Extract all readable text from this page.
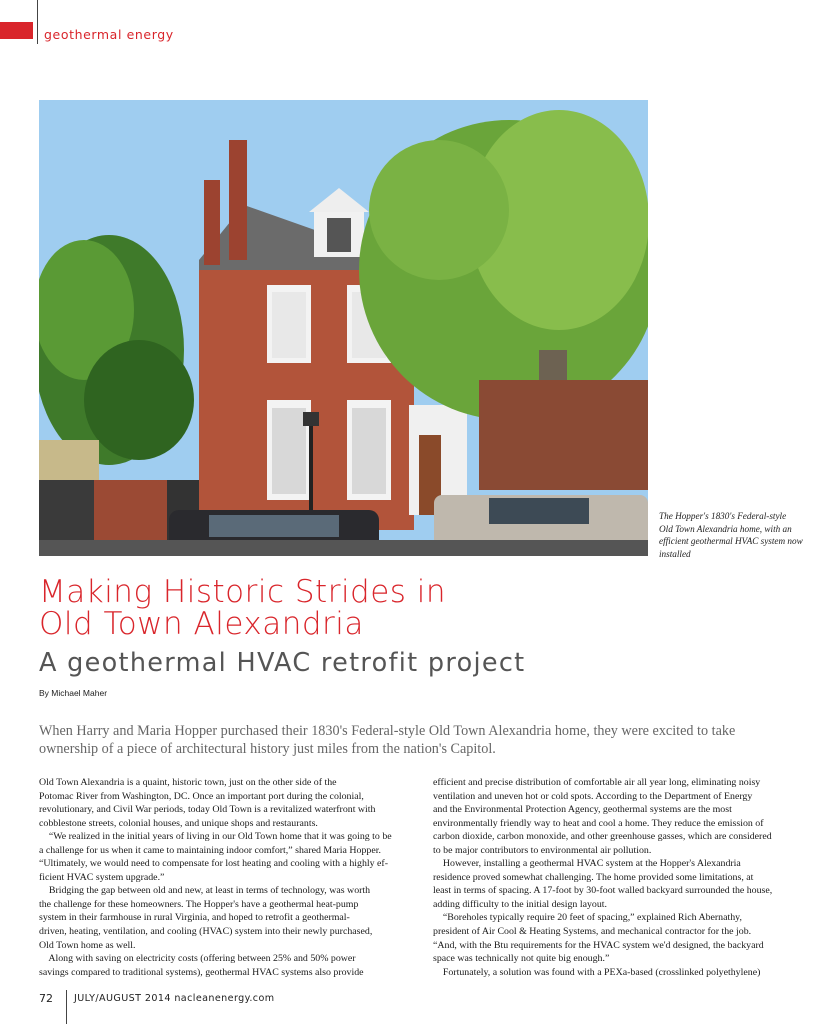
geothermal energy
The Hopper's 1830's Federal-style
Old Town Alexandria home, with an
efficient geothermal HVAC system now
installed
Making Historic Strides in
Old Town Alexandria
A geothermal HVAC retrofit project
By Michael Maher
When Harry and Maria Hopper purchased their 1830's Federal-style Old Town Alexandria home, they were excited to take
ownership of a piece of architectural history just miles from the nation's Capitol.

Old Town Alexandria is a quaint, historic town, just on the other side of the

Potomac River from Washington, DC. Once an important port during the colonial,

revolutionary, and Civil War periods, today Old Town is a revitalized waterfront with

cobblestone streets, colonial houses, and unique shops and restaurants.

“We realized in the initial years of living in our Old Town home that it was going to be

a challenge for us when it came to maintaining indoor comfort,” shared Maria Hopper.

“Ultimately, we would need to compensate for lost heating and cooling with a highly ef-

ficient HVAC system upgrade.”

Bridging the gap between old and new, at least in terms of technology, was worth

the challenge for these homeowners. The Hopper's have a geothermal heat-pump

system in their farmhouse in rural Virginia, and hoped to retrofit a geothermal-

driven, heating, ventilation, and cooling (HVAC) system into their newly purchased,

Old Town home as well.

Along with saving on electricity costs (offering between 25% and 50% power

savings compared to traditional systems), geothermal HVAC systems also provide

efficient and precise distribution of comfortable air all year long, eliminating noisy

ventilation and uneven hot or cold spots. According to the Department of Energy

and the Environmental Protection Agency, geothermal systems are the most

environmentally friendly way to heat and cool a home. They reduce the emission of

carbon dioxide, carbon monoxide, and other greenhouse gasses, which are considered

to be major contributors to environmental air pollution.

However, installing a geothermal HVAC system at the Hopper's Alexandria

residence proved somewhat challenging. The home provided some limitations, at

least in terms of spacing. A 17-foot by 30-foot walled backyard surrounded the house,

adding difficulty to the initial design layout.

“Boreholes typically require 20 feet of spacing,” explained Rich Abernathy,

president of Air Cool & Heating Systems, and mechanical contractor for the job.

“And, with the Btu requirements for the HVAC system we'd designed, the backyard

space was technically not quite big enough.”

Fortunately, a solution was found with a PEXa-based (crosslinked polyethylene)

72 JULY/AUGUST 2014 nacleanenergy.com
